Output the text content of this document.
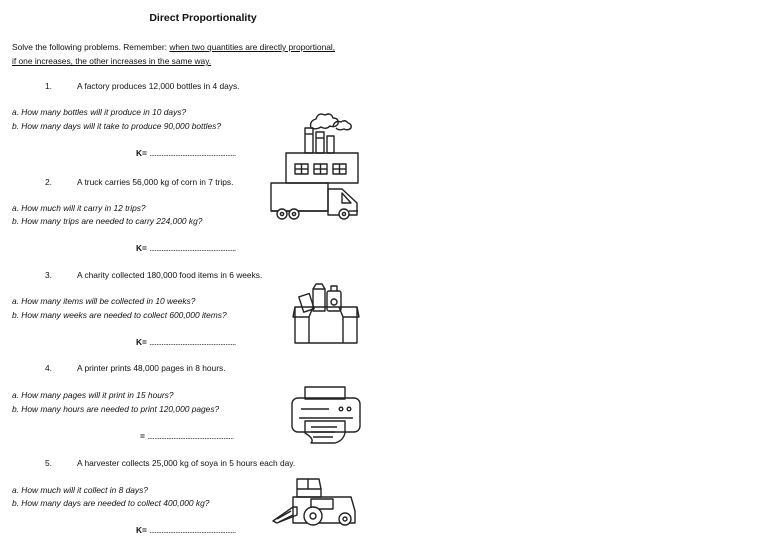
Direct Proportionality
Solve the following problems. Remember: when two quantities are directly proportional,
if one increases, the other increases in the same way.
1.	A factory produces 12,000 bottles in 4 days.
a. How many bottles will it produce in 10 days?
b. How many days will it take to produce 90,000 bottles?
K= ..................................................
2.	A truck carries 56,000 kg of corn in 7 trips.
a. How much will it carry in 12 trips?
b. How many trips are needed to carry 224,000 kg?
K= ..................................................
3.	A charity collected 180,000 food items in 6 weeks.
a. How many items will be collected in 10 weeks?
b. How many weeks are needed to collect 600,000 items?
K= ..................................................
4.	A printer prints 48,000 pages in 8 hours.
a. How many pages will it print in 15 hours?
b. How many hours are needed to print 120,000 pages?
= ..................................................
5.	A harvester collects 25,000 kg of soya in 5 hours each day.
a. How much will it collect in 8 days?
b. How many days are needed to collect 400,000 kg?
K= ..................................................
